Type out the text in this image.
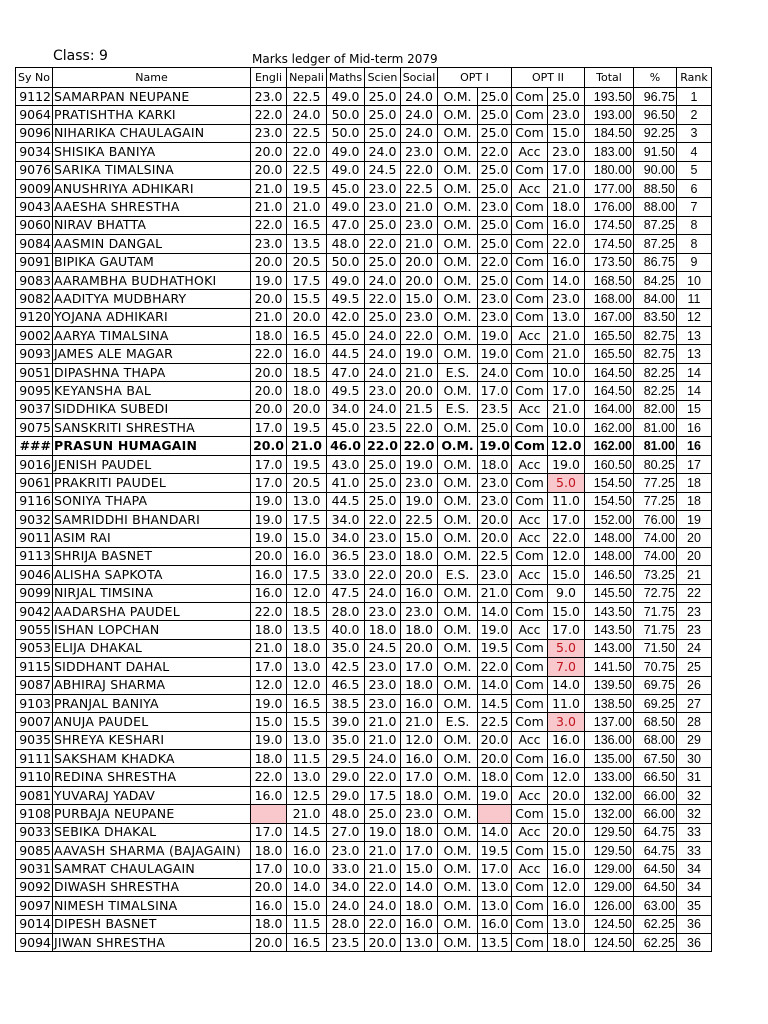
Class: 9	Marks ledger of Mid-term 2079
Sy No	Name	Engli	Nepali	Maths	Scien	Social	OPT I		OPT II		Total	%	Rank
9112	SAMARPAN NEUPANE	23.0	22.5	49.0	25.0	24.0	O.M.	25.0	Com	25.0	193.50	96.75	1
9064	PRATISHTHA KARKI	22.0	24.0	50.0	25.0	24.0	O.M.	25.0	Com	23.0	193.00	96.50	2
9096	NIHARIKA CHAULAGAIN	23.0	22.5	50.0	25.0	24.0	O.M.	25.0	Com	15.0	184.50	92.25	3
9034	SHISIKA BANIYA	20.0	22.0	49.0	24.0	23.0	O.M.	22.0	Acc	23.0	183.00	91.50	4
9076	SARIKA TIMALSINA	20.0	22.5	49.0	24.5	22.0	O.M.	25.0	Com	17.0	180.00	90.00	5
9009	ANUSHRIYA ADHIKARI	21.0	19.5	45.0	23.0	22.5	O.M.	25.0	Acc	21.0	177.00	88.50	6
9043	AAESHA SHRESTHA	21.0	21.0	49.0	23.0	21.0	O.M.	23.0	Com	18.0	176.00	88.00	7
9060	NIRAV BHATTA	22.0	16.5	47.0	25.0	23.0	O.M.	25.0	Com	16.0	174.50	87.25	8
9084	AASMIN DANGAL	23.0	13.5	48.0	22.0	21.0	O.M.	25.0	Com	22.0	174.50	87.25	8
9091	BIPIKA GAUTAM	20.0	20.5	50.0	25.0	20.0	O.M.	22.0	Com	16.0	173.50	86.75	9
9083	AARAMBHA BUDHATHOKI	19.0	17.5	49.0	24.0	20.0	O.M.	25.0	Com	14.0	168.50	84.25	10
9082	AADITYA MUDBHARY	20.0	15.5	49.5	22.0	15.0	O.M.	23.0	Com	23.0	168.00	84.00	11
9120	YOJANA ADHIKARI	21.0	20.0	42.0	25.0	23.0	O.M.	23.0	Com	13.0	167.00	83.50	12
9002	AARYA TIMALSINA	18.0	16.5	45.0	24.0	22.0	O.M.	19.0	Acc	21.0	165.50	82.75	13
9093	JAMES ALE MAGAR	22.0	16.0	44.5	24.0	19.0	O.M.	19.0	Com	21.0	165.50	82.75	13
9051	DIPASHNA THAPA	20.0	18.5	47.0	24.0	21.0	E.S.	24.0	Com	10.0	164.50	82.25	14
9095	KEYANSHA BAL	20.0	18.0	49.5	23.0	20.0	O.M.	17.0	Com	17.0	164.50	82.25	14
9037	SIDDHIKA SUBEDI	20.0	20.0	34.0	24.0	21.5	E.S.	23.5	Acc	21.0	164.00	82.00	15
9075	SANSKRITI SHRESTHA	17.0	19.5	45.0	23.5	22.0	O.M.	25.0	Com	10.0	162.00	81.00	16
###	PRASUN HUMAGAIN	20.0	21.0	46.0	22.0	22.0	O.M.	19.0	Com	12.0	162.00	81.00	16
9016	JENISH PAUDEL	17.0	19.5	43.0	25.0	19.0	O.M.	18.0	Acc	19.0	160.50	80.25	17
9061	PRAKRITI PAUDEL	17.0	20.5	41.0	25.0	23.0	O.M.	23.0	Com	5.0	154.50	77.25	18
9116	SONIYA THAPA	19.0	13.0	44.5	25.0	19.0	O.M.	23.0	Com	11.0	154.50	77.25	18
9032	SAMRIDDHI BHANDARI	19.0	17.5	34.0	22.0	22.5	O.M.	20.0	Acc	17.0	152.00	76.00	19
9011	ASIM RAI	19.0	15.0	34.0	23.0	15.0	O.M.	20.0	Acc	22.0	148.00	74.00	20
9113	SHRIJA BASNET	20.0	16.0	36.5	23.0	18.0	O.M.	22.5	Com	12.0	148.00	74.00	20
9046	ALISHA SAPKOTA	16.0	17.5	33.0	22.0	20.0	E.S.	23.0	Acc	15.0	146.50	73.25	21
9099	NIRJAL TIMSINA	16.0	12.0	47.5	24.0	16.0	O.M.	21.0	Com	9.0	145.50	72.75	22
9042	AADARSHA PAUDEL	22.0	18.5	28.0	23.0	23.0	O.M.	14.0	Com	15.0	143.50	71.75	23
9055	ISHAN LOPCHAN	18.0	13.5	40.0	18.0	18.0	O.M.	19.0	Acc	17.0	143.50	71.75	23
9053	ELIJA DHAKAL	21.0	18.0	35.0	24.5	20.0	O.M.	19.5	Com	5.0	143.00	71.50	24
9115	SIDDHANT DAHAL	17.0	13.0	42.5	23.0	17.0	O.M.	22.0	Com	7.0	141.50	70.75	25
9087	ABHIRAJ SHARMA	12.0	12.0	46.5	23.0	18.0	O.M.	14.0	Com	14.0	139.50	69.75	26
9103	PRANJAL BANIYA	19.0	16.5	38.5	23.0	16.0	O.M.	14.5	Com	11.0	138.50	69.25	27
9007	ANUJA PAUDEL	15.0	15.5	39.0	21.0	21.0	E.S.	22.5	Com	3.0	137.00	68.50	28
9035	SHREYA KESHARI	19.0	13.0	35.0	21.0	12.0	O.M.	20.0	Acc	16.0	136.00	68.00	29
9111	SAKSHAM KHADKA	18.0	11.5	29.5	24.0	16.0	O.M.	20.0	Com	16.0	135.00	67.50	30
9110	REDINA SHRESTHA	22.0	13.0	29.0	22.0	17.0	O.M.	18.0	Com	12.0	133.00	66.50	31
9081	YUVARAJ YADAV	16.0	12.5	29.0	17.5	18.0	O.M.	19.0	Acc	20.0	132.00	66.00	32
9108	PURBAJA NEUPANE		21.0	48.0	25.0	23.0	O.M.		Com	15.0	132.00	66.00	32
9033	SEBIKA DHAKAL	17.0	14.5	27.0	19.0	18.0	O.M.	14.0	Acc	20.0	129.50	64.75	33
9085	AAVASH SHARMA (BAJAGAIN)	18.0	16.0	23.0	21.0	17.0	O.M.	19.5	Com	15.0	129.50	64.75	33
9031	SAMRAT CHAULAGAIN	17.0	10.0	33.0	21.0	15.0	O.M.	17.0	Acc	16.0	129.00	64.50	34
9092	DIWASH SHRESTHA	20.0	14.0	34.0	22.0	14.0	O.M.	13.0	Com	12.0	129.00	64.50	34
9097	NIMESH TIMALSINA	16.0	15.0	24.0	24.0	18.0	O.M.	13.0	Com	16.0	126.00	63.00	35
9014	DIPESH BASNET	18.0	11.5	28.0	22.0	16.0	O.M.	16.0	Com	13.0	124.50	62.25	36
9094	JIWAN SHRESTHA	20.0	16.5	23.5	20.0	13.0	O.M.	13.5	Com	18.0	124.50	62.25	36
